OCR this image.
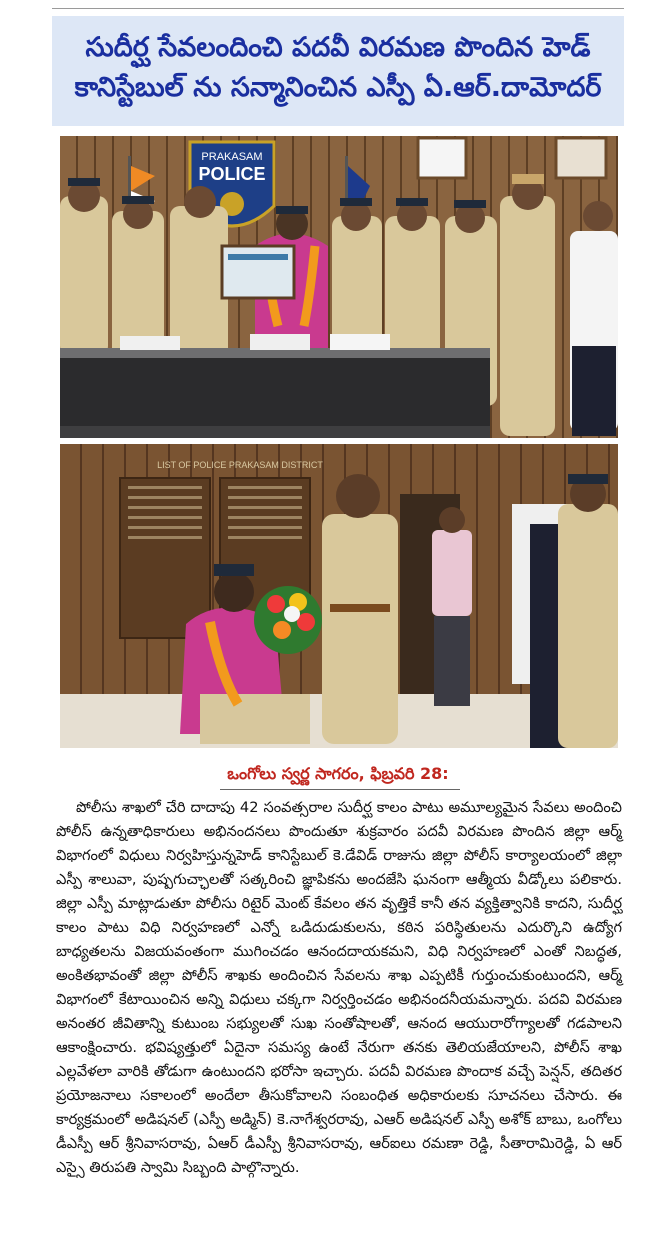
సుదీర్ఘ సేవలందించి పదవీ విరమణ పొందిన హెడ్
కానిస్టేబుల్ ను సన్మానించిన ఎస్పీ ఏ.ఆర్.దామోదర్
PRAKASAM
POLICE
LIST OF POLICE PRAKASAM DISTRICT
ఒంగోలు స్వర్ణ సాగరం, ఫిబ్రవరి 28:

పోలీసు శాఖలో చేరి దాదాపు 42 సంవత్సరాల సుదీర్ఘ కాలం పాటు అమూల్యమైన సేవలు అందించి పోలీస్ ఉన్నతాధికారులు అభినందనలు పొందుతూ శుక్రవారం పదవీ విరమణ పొందిన జిల్లా ఆర్మ్ విభాగంలో విధులు నిర్వహిస్తున్నహెడ్ కానిస్టేబుల్ కె.డేవిడ్ రాజును జిల్లా పోలీస్ కార్యాలయంలో జిల్లా ఎస్పీ శాలువా, పుష్పగుచ్ఛాలతో సత్కరించి జ్ఞాపికను అందజేసి ఘనంగా ఆత్మీయ వీడ్కోలు పలికారు. జిల్లా ఎస్పీ మాట్లాడుతూ పోలీసు రిటైర్ మెంట్ కేవలం తన వృత్తికే కానీ తన వ్యక్తిత్వానికి కాదని, సుదీర్ఘ కాలం పాటు విధి నిర్వహణలో ఎన్నో ఒడిదుడుకులను, కఠిన పరిస్థితులను ఎదుర్కొని ఉద్యోగ బాధ్యతలను విజయవంతంగా ముగించడం ఆనందదాయకమని, విధి నిర్వహణలో ఎంతో నిబద్ధత, అంకితభావంతో జిల్లా పోలీస్ శాఖకు అందించిన సేవలను శాఖ ఎప్పటికీ గుర్తుంచుకుంటుందని, ఆర్మ్ విభాగంలో కేటాయించిన అన్ని విధులు చక్కగా నిర్వర్తించడం అభినందనీయమన్నారు. పదవి విరమణ అనంతర జీవితాన్ని కుటుంబ సభ్యులతో సుఖ సంతోషాలతో, ఆనంద ఆయురారోగ్యాలతో గడపాలని ఆకాంక్షించారు. భవిష్యత్తులో ఏదైనా సమస్య ఉంటే నేరుగా తనకు తెలియజేయాలని, పోలీస్ శాఖ ఎల్లవేళలా వారికి తోడుగా ఉంటుందని భరోసా ఇచ్చారు. పదవీ విరమణ పొందాక వచ్చే పెన్షన్, తదితర ప్రయోజనాలు సకాలంలో అందేలా తీసుకోవాలని సంబంధిత అధికారులకు సూచనలు చేసారు. ఈ కార్యక్రమంలో అడిషనల్ (ఎస్పీ అడ్మిన్) కె.నాగేశ్వరరావు, ఎఆర్ అడిషనల్ ఎస్పీ అశోక్ బాబు, ఒంగోలు డీఎస్పీ ఆర్ శ్రీనివాసరావు, ఏఆర్ డీఎస్పీ శ్రీనివాసరావు, ఆర్ఐలు రమణా రెడ్డి, సీతారామిరెడ్డి, ఏ ఆర్ ఎస్సై తిరుపతి స్వామి సిబ్బంది పాల్గొన్నారు.
